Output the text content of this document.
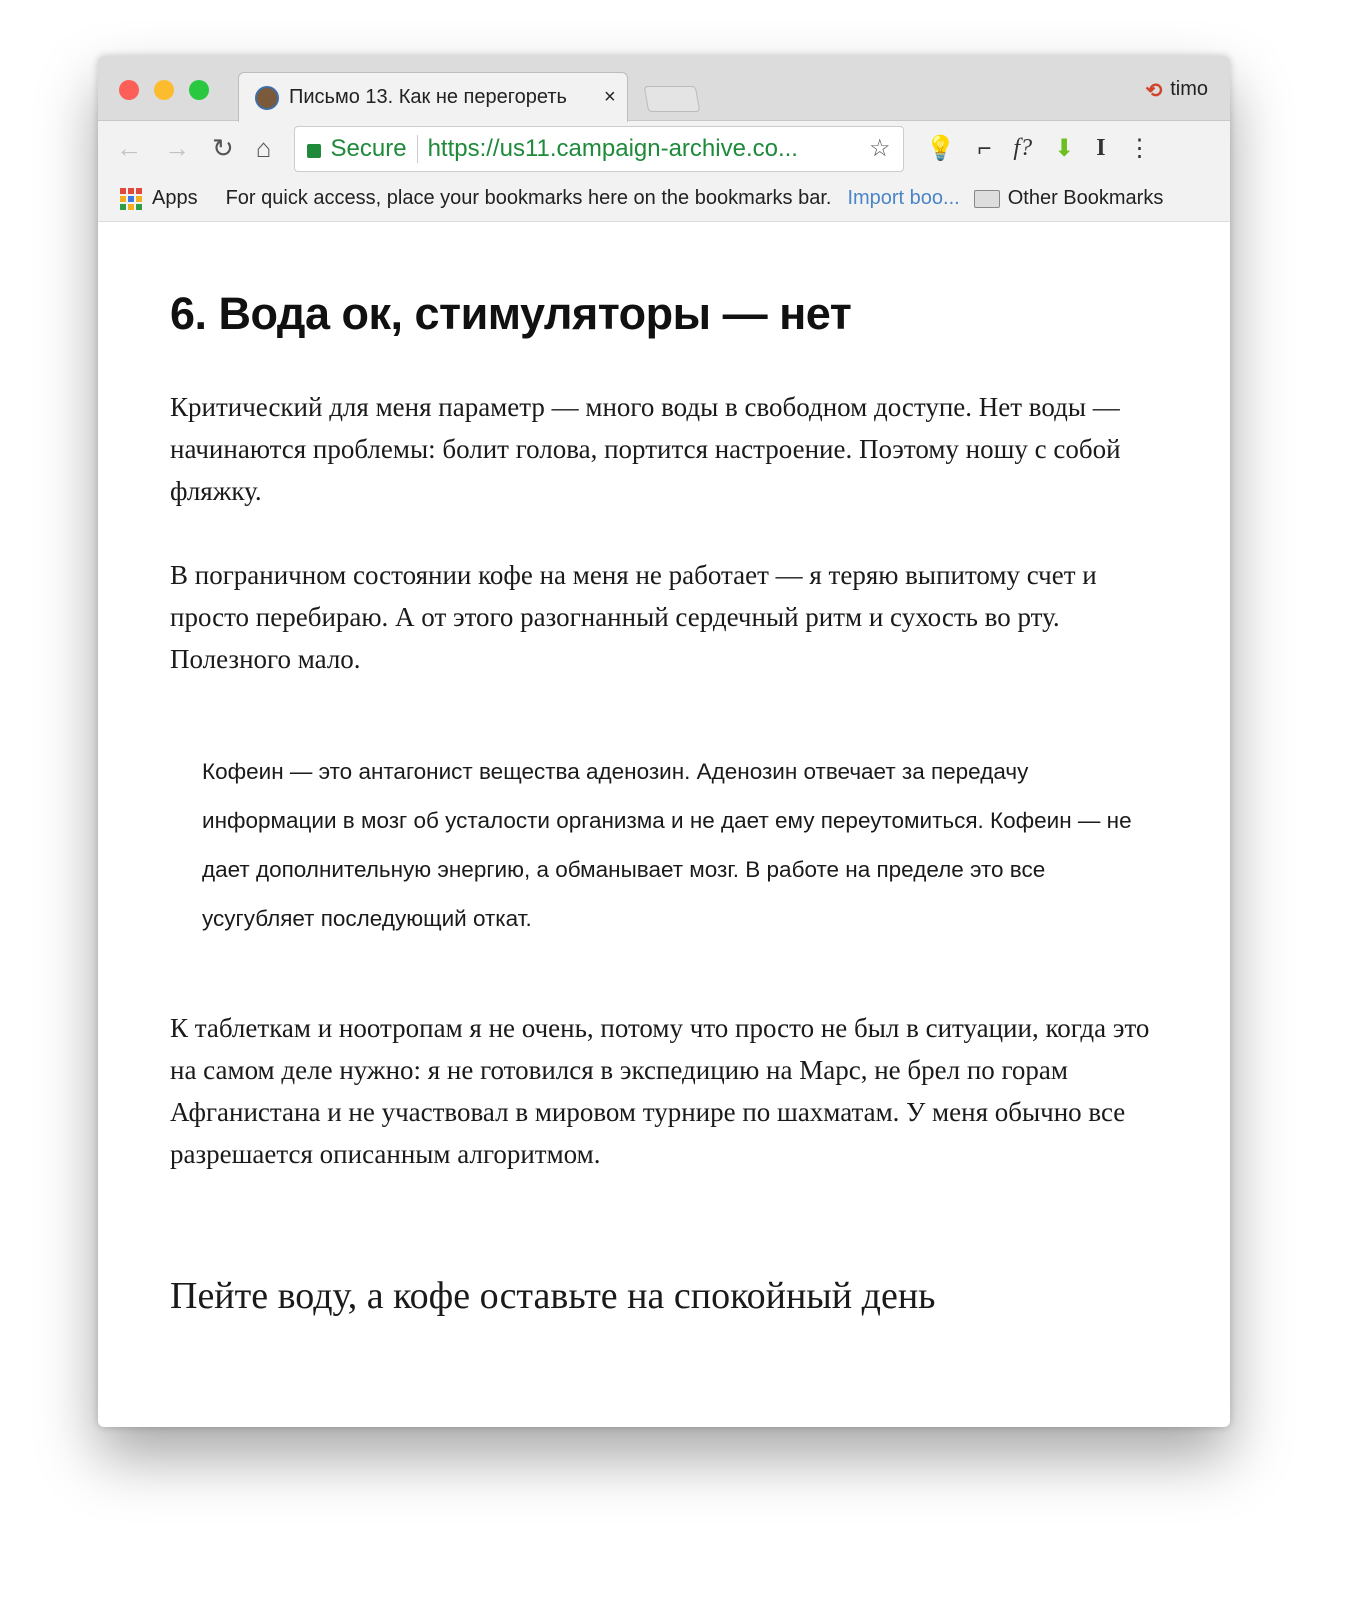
Письмо 13. Как не перегореть	×	⟲ timo
← → ↻ ⌂ Secure https://us11.campaign-archive.co...	☆ 💡 ⌐ f? ⬇ I ⋮
Apps For quick access, place your bookmarks here on the bookmarks bar. Import boo... Other Bookmarks
6. Вода ок, стимуляторы — нет

Критический для меня параметр — много воды в свободном доступе. Нет воды — начинаются проблемы: болит голова, портится настроение. Поэтому ношу с собой фляжку.

В пограничном состоянии кофе на меня не работает — я теряю выпитому счет и просто перебираю. А от этого разогнанный сердечный ритм и сухость во рту. Полезного мало.

Кофеин — это антагонист вещества аденозин. Аденозин отвечает за передачу информации в мозг об усталости организма и не дает ему переутомиться. Кофеин — не дает дополнительную энергию, а обманывает мозг. В работе на пределе это все усугубляет последующий откат.

К таблеткам и ноотропам я не очень, потому что просто не был в ситуации, когда это на самом деле нужно: я не готовился в экспедицию на Марс, не брел по горам Афганистана и не участвовал в мировом турнире по шахматам. У меня обычно все разрешается описанным алгоритмом.

Пейте воду, а кофе оставьте на спокойный день
